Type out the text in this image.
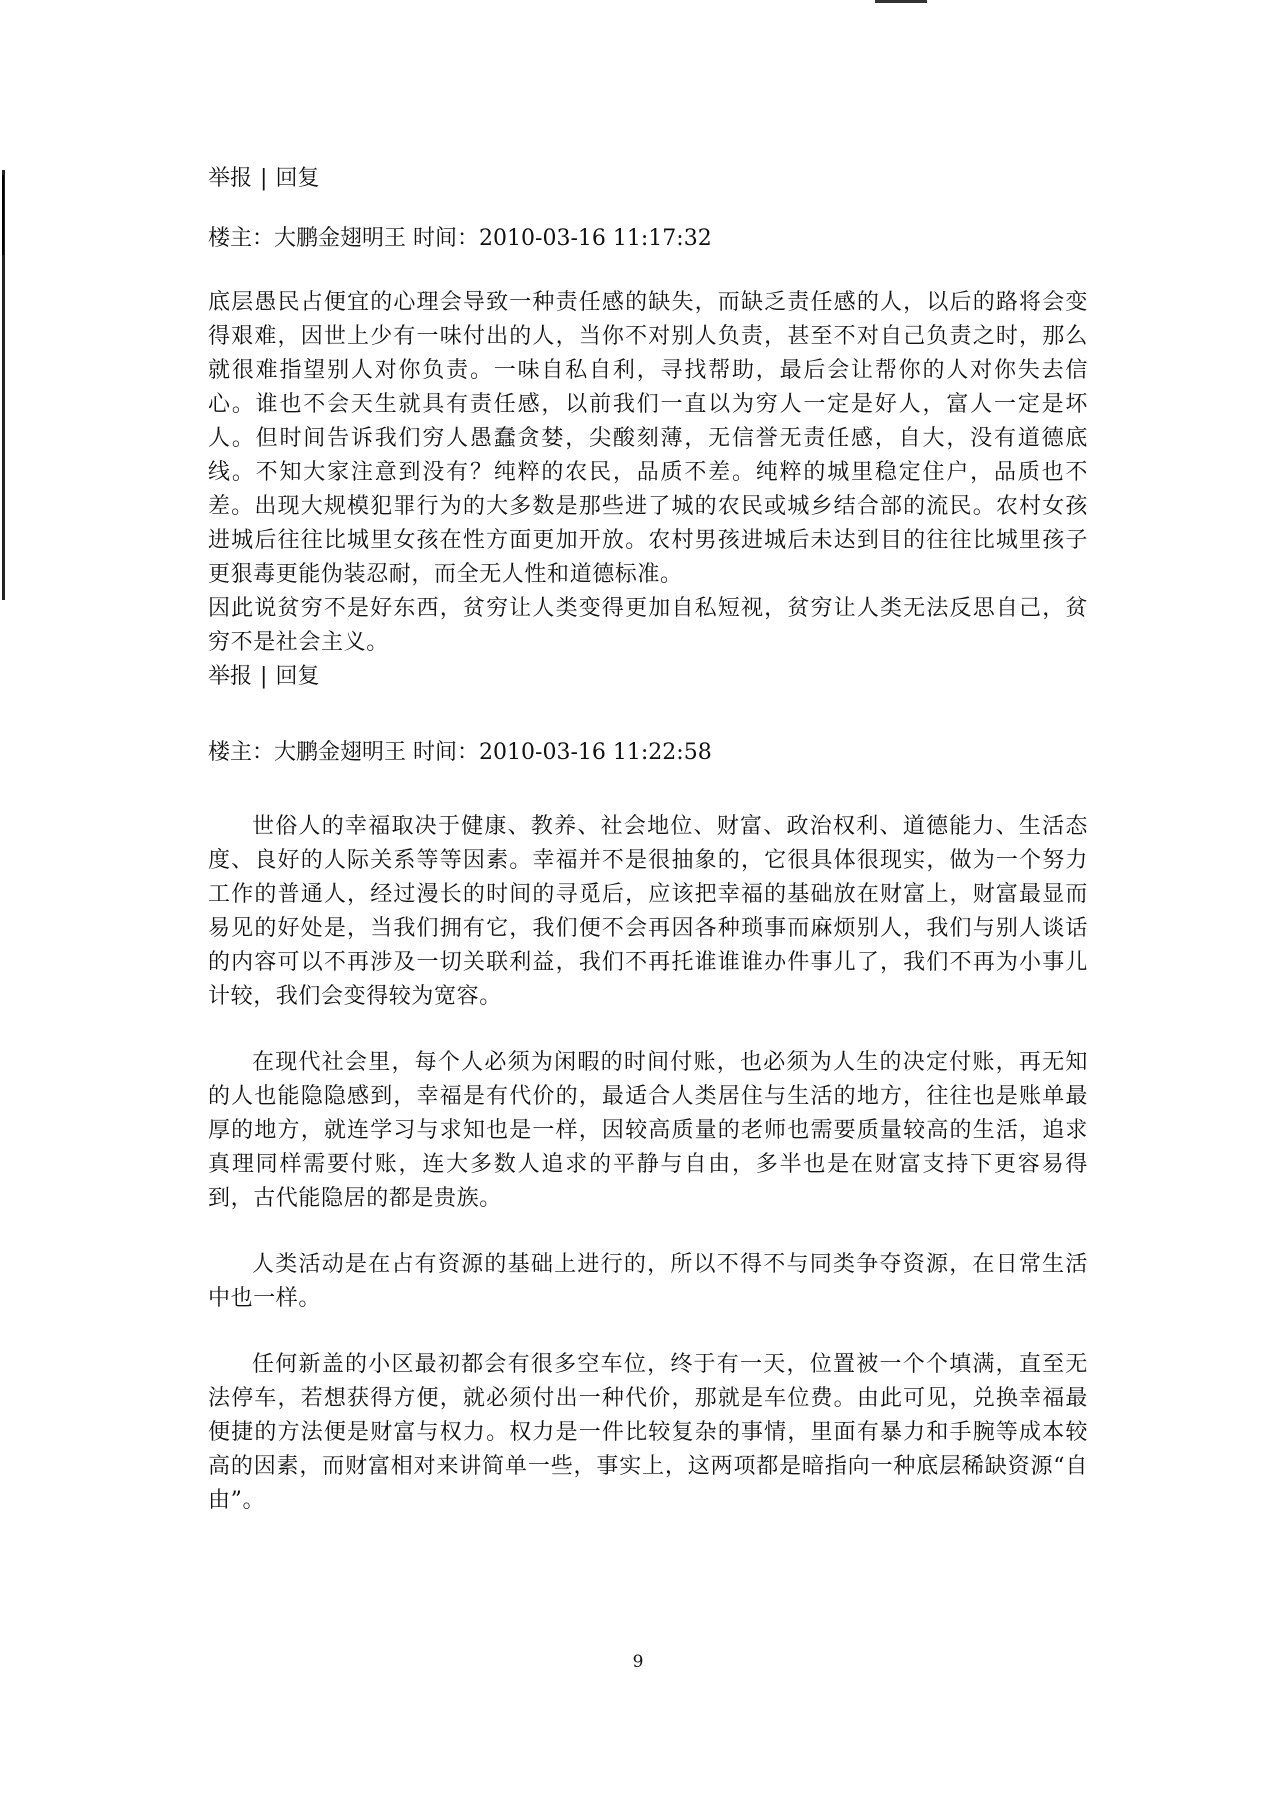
举报 | 回复
楼主：大鹏金翅明王 时间：2010-03-16 11:17:32

底层愚民占便宜的心理会导致一种责任感的缺失，而缺乏责任感的人，以后的路将会变得艰难，因世上少有一味付出的人，当你不对别人负责，甚至不对自己负责之时，那么就很难指望别人对你负责。一味自私自利，寻找帮助，最后会让帮你的人对你失去信心。谁也不会天生就具有责任感，以前我们一直以为穷人一定是好人，富人一定是坏人。但时间告诉我们穷人愚蠢贪婪，尖酸刻薄，无信誉无责任感，自大，没有道德底线。不知大家注意到没有？纯粹的农民，品质不差。纯粹的城里稳定住户，品质也不差。出现大规模犯罪行为的大多数是那些进了城的农民或城乡结合部的流民。农村女孩进城后往往比城里女孩在性方面更加开放。农村男孩进城后未达到目的往往比城里孩子更狠毒更能伪装忍耐，而全无人性和道德标准。

因此说贫穷不是好东西，贫穷让人类变得更加自私短视，贫穷让人类无法反思自己，贫穷不是社会主义。

举报 | 回复
楼主：大鹏金翅明王 时间：2010-03-16 11:22:58

世俗人的幸福取决于健康、教养、社会地位、财富、政治权利、道德能力、生活态度、良好的人际关系等等因素。幸福并不是很抽象的，它很具体很现实，做为一个努力工作的普通人，经过漫长的时间的寻觅后，应该把幸福的基础放在财富上，财富最显而易见的好处是，当我们拥有它，我们便不会再因各种琐事而麻烦别人，我们与别人谈话的内容可以不再涉及一切关联利益，我们不再托谁谁谁办件事儿了，我们不再为小事儿计较，我们会变得较为宽容。

在现代社会里，每个人必须为闲暇的时间付账，也必须为人生的决定付账，再无知的人也能隐隐感到，幸福是有代价的，最适合人类居住与生活的地方，往往也是账单最厚的地方，就连学习与求知也是一样，因较高质量的老师也需要质量较高的生活，追求真理同样需要付账，连大多数人追求的平静与自由，多半也是在财富支持下更容易得到，古代能隐居的都是贵族。

人类活动是在占有资源的基础上进行的，所以不得不与同类争夺资源，在日常生活中也一样。

任何新盖的小区最初都会有很多空车位，终于有一天，位置被一个个填满，直至无法停车，若想获得方便，就必须付出一种代价，那就是车位费。由此可见，兑换幸福最便捷的方法便是财富与权力。权力是一件比较复杂的事情，里面有暴力和手腕等成本较高的因素，而财富相对来讲简单一些，事实上，这两项都是暗指向一种底层稀缺资源“自由”。

9
